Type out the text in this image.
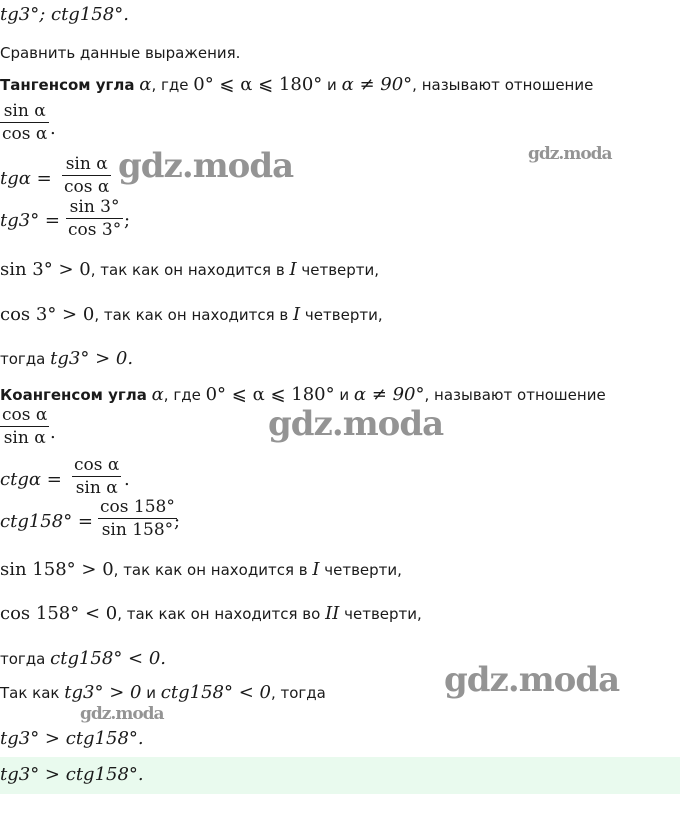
tg3°; ctg158°.
Сравнить данные выражения.
Тангенсом угла α, где 0° ⩽ α ⩽ 180° и α ≠ 90°, называют отношение
sin α
cos α .
tgα =
sin α
cos α
tg3° =
sin 3°
cos 3° ;
sin 3° > 0, так как он находится в I четверти,
cos 3° > 0, так как он находится в I четверти,
тогда tg3° > 0.
Коангенсом угла α, где 0° ⩽ α ⩽ 180° и α ≠ 90°, называют отношение
cos α
sin α .
ctgα =
cos α
sin α .
ctg158° =
cos 158°
sin 158° ;
sin 158° > 0, так как он находится в I четверти,
cos 158° < 0, так как он находится во II четверти,
тогда ctg158° < 0.
Так как tg3° > 0 и ctg158° < 0, тогда
tg3° > ctg158°.
tg3° > ctg158°.
gdz.moda	gdz.moda
gdz.moda
gdz.moda
gdz.moda
